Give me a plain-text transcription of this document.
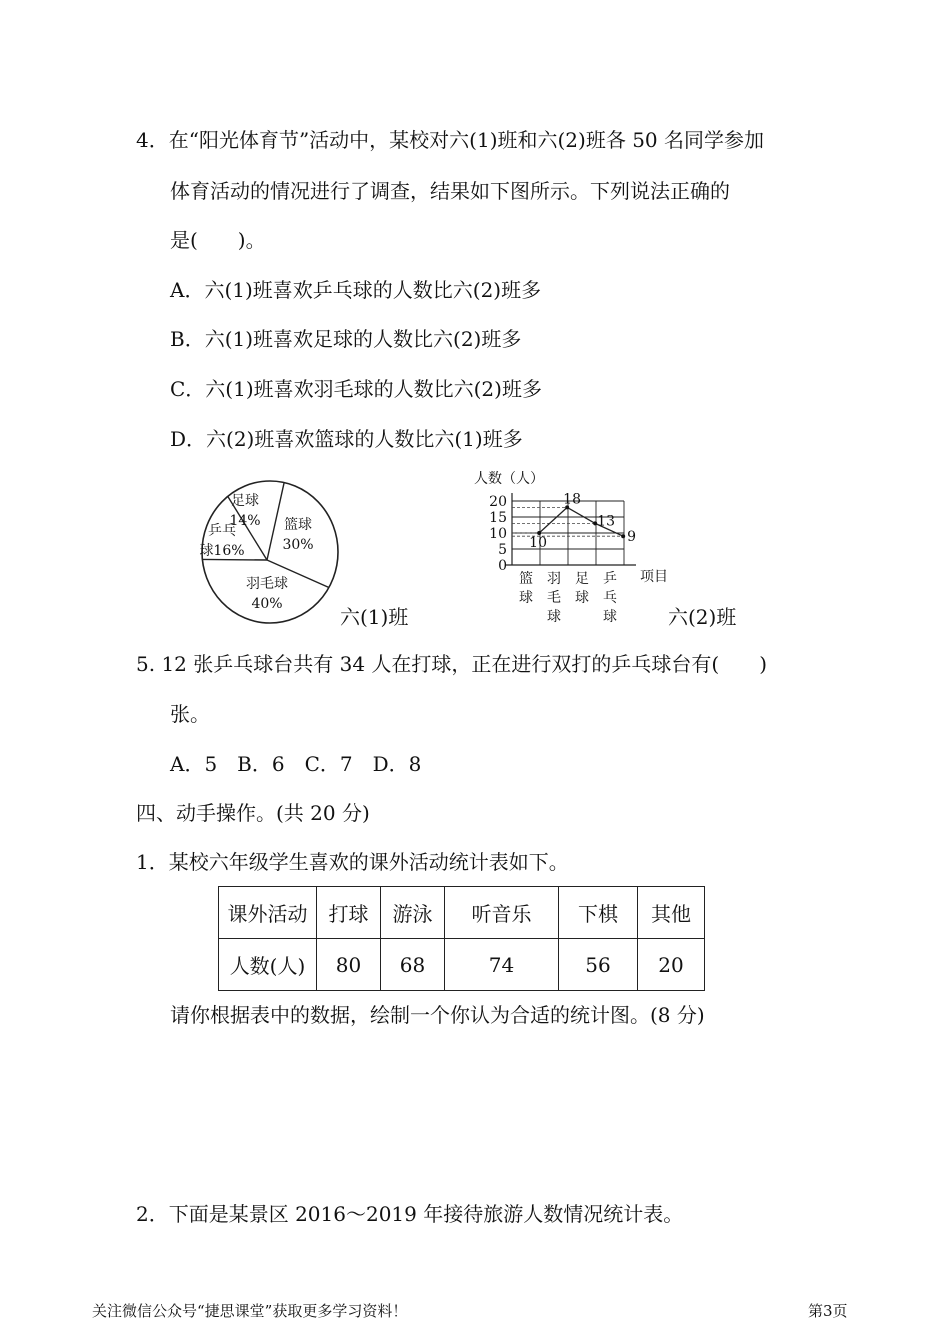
4．在“阳光体育节”活动中，某校对六(1)班和六(2)班各 50 名同学参加
体育活动的情况进行了调查，结果如下图所示。下列说法正确的
是(　　)。
A．六(1)班喜欢乒乓球的人数比六(2)班多
B．六(1)班喜欢足球的人数比六(2)班多
C．六(1)班喜欢羽毛球的人数比六(2)班多
D．六(2)班喜欢篮球的人数比六(1)班多
篮球
30%
羽毛球
40%
乒乓
球16%
足球
14%
六(1)班
人数（人）
项目
0
5
10
15
20
篮
球
羽
毛
球
足
球
乒
乓
球
10
18
13
9
六(2)班
5. 12 张乒乓球台共有 34 人在打球，正在进行双打的乒乓球台有(　　)
张。
A．5　B．6　C．7　D．8
四、动手操作。(共 20 分)
1．某校六年级学生喜欢的课外活动统计表如下。
课外活动	打球	游泳	听音乐	下棋	其他
人数(人)	80	68	74	56	20
请你根据表中的数据，绘制一个你认为合适的统计图。(8 分)
2．下面是某景区 2016～2019 年接待旅游人数情况统计表。
关注微信公众号“捷思课堂”获取更多学习资料！	第3页
